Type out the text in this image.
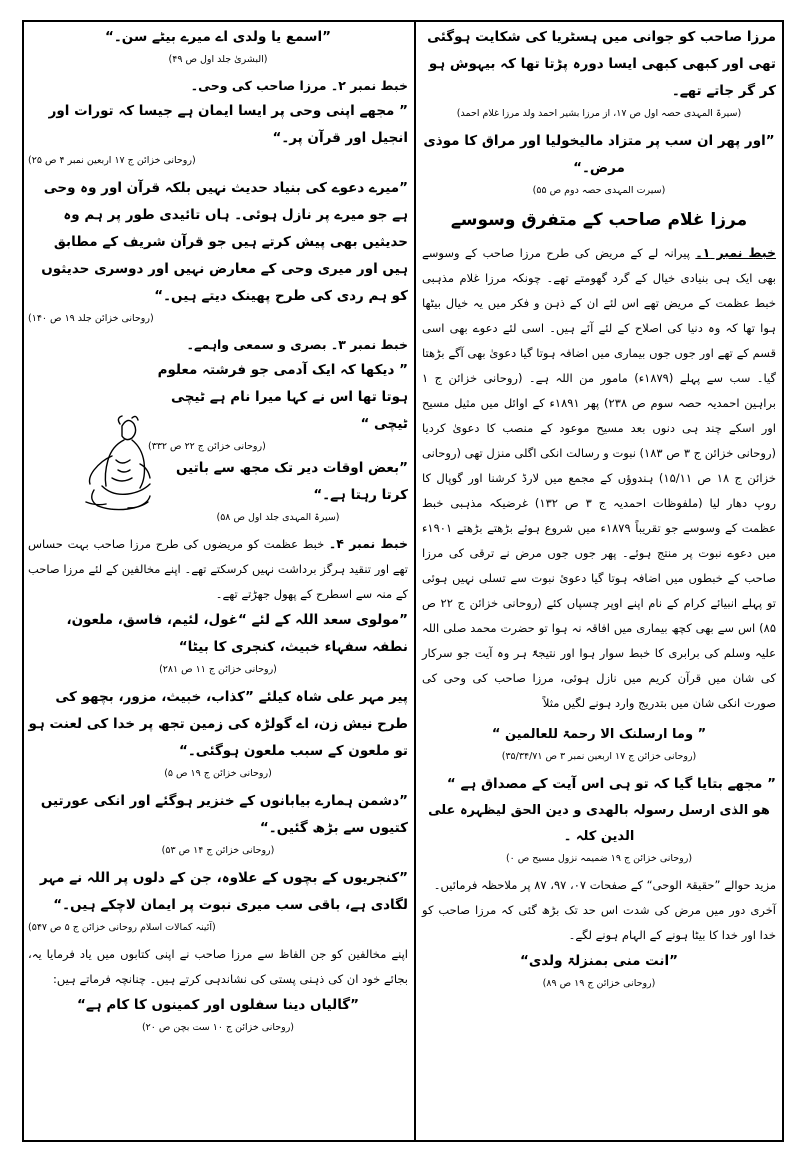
مرزا صاحب کو جوانی میں ہسٹریا کی شکایت ہوگئی تھی اور کبھی کبھی ایسا دورہ پڑتا تھا کہ بیہوش ہو کر گر جاتے تھے۔

(سیرۃ المہدی حصہ اول ص ۱۷، از مرزا بشیر احمد ولد مرزا غلام احمد)

”اور پھر ان سب پر متزاد مالیخولیا اور مراق کا موذی مرض۔“

(سیرت المہدی حصہ دوم ص ۵۵)

مرزا غلام صاحب کے متفرق وسوسے

خبط نمبر ۱۔ پیرانہ لے کے مریض کی طرح مرزا صاحب کے وسوسے بھی ایک ہی بنیادی خیال کے گرد گھومتے تھے۔ چونکہ مرزا غلام مذہبی خبط عظمت کے مریض تھے اس لئے ان کے ذہن و فکر میں یہ خیال بیٹھا ہوا تھا کہ وہ دنیا کی اصلاح کے لئے آئے ہیں۔ اسی لئے دعوے بھی اسی قسم کے تھے اور جوں جوں بیماری میں اضافہ ہوتا گیا دعویٰ بھی آگے بڑھتا گیا۔ سب سے پہلے (۱۸۷۹ء) مامور من اللہ ہے۔ (روحانی خزائن ج ۱ براہین احمدیہ حصہ سوم ص ۲۳۸) پھر ۱۸۹۱ء کے اوائل میں مثیل مسیح اور اسکے چند ہی دنوں بعد مسیح موعود کے منصب کا دعویٰ کردیا (روحانی خزائن ج ۳ ص ۱۸۳) نبوت و رسالت انکی اگلی منزل تھی (روحانی خزائن ج ۱۸ ص ۱۵/۱۱) ہندوؤں کے مجمع میں لارڈ کرشنا اور گوپال کا روپ دھار لیا (ملفوظات احمدیہ ج ۳ ص ۱۳۲) غرضیکہ مذہبی خبط عظمت کے وسوسے جو تقریباً ۱۸۷۹ء میں شروع ہوئے بڑھتے بڑھتے ۱۹۰۱ء میں دعوے نبوت پر منتج ہوئے۔ پھر جوں جوں مرض نے ترقی کی مرزا صاحب کے خبطوں میں اضافہ ہوتا گیا دعوئ نبوت سے تسلی نہیں ہوئی تو پہلے انبیائے کرام کے نام اپنے اوپر چسپاں کئے (روحانی خزائن ج ۲۲ ص ۸۵) اس سے بھی کچھ بیماری میں افاقہ نہ ہوا تو حضرت محمد صلی اللہ علیہ وسلم کی برابری کا خبط سوار ہوا اور نتیجۃً ہر وہ آیت جو سرکار کی شان میں قرآن کریم میں نازل ہوئی، مرزا صاحب کی وحی کی صورت انکی شان میں بتدریج وارد ہونے لگیں مثلاً

” وما ارسلنک الا رحمۃ للعالمین “

(روحانی خزائن ج ۱۷ اربعین نمبر ۳ ص ۳۵/۳۴/۷۱)

” مجھے بتایا گیا کہ تو ہی اس آیت کے مصداق ہے “

ھو الذی ارسل رسولہ بالھدی و دین الحق لیظہرہ علی الدین کلہ ۔

(روحانی خزائن ج ۱۹ ضمیمہ نزول مسیح ص ۰)

مزید حوالے ”حقیقۃ الوحی“ کے صفحات ۰۷، ۹۷، ۸۷ پر ملاحظہ فرمائیں۔

آخری دور میں مرض کی شدت اس حد تک بڑھ گئی کہ مرزا صاحب کو خدا اور خدا کا بیٹا ہونے کے الہام ہونے لگے۔

”انت منی بمنزلۃ ولدی“

(روحانی خزائن ج ۱۹ ص ۸۹)

”اسمع یا ولدی اے میرے بیٹے سن۔“

(البشریٰ جلد اول ص ۴۹)

خبط نمبر ۲۔ مرزا صاحب کی وحی۔

” مجھے اپنی وحی پر ایسا ایمان ہے جیسا کہ تورات اور انجیل اور قرآن پر۔“

(روحانی خزائن ج ۱۷ اربعین نمبر ۴ ص ۲۵)

”میرے دعوے کی بنیاد حدیث نہیں بلکہ قرآن اور وہ وحی ہے جو میرے پر نازل ہوئی۔ ہاں تائیدی طور پر ہم وہ حدیثیں بھی پیش کرتے ہیں جو قرآن شریف کے مطابق ہیں اور میری وحی کے معارض نہیں اور دوسری حدیثوں کو ہم ردی کی طرح پھینک دیتے ہیں۔“

(روحانی خزائن جلد ۱۹ ص ۱۴۰)

خبط نمبر ۳۔ بصری و سمعی واہمے۔

” دیکھا کہ ایک آدمی جو فرشتہ معلوم ہوتا تھا اس نے کہا میرا نام ہے ٹیچی ٹیچی “

(روحانی خزائن ج ۲۲ ص ۳۳۲)

”بعض اوقات دیر تک مجھ سے باتیں کرتا رہتا ہے۔“

(سیرۃ المہدی جلد اول ص ۵۸)

خبط نمبر ۴۔ خبط عظمت کو مریضوں کی طرح مرزا صاحب بہت حساس تھے اور تنقید ہرگز برداشت نہیں کرسکتے تھے۔ اپنے مخالفین کے لئے مرزا صاحب کے منہ سے اسطرح کے پھول جھڑتے تھے۔

”مولوی سعد اللہ کے لئے “غول، لئیم، فاسق، ملعون، نطفہ سفہاء خبیث، کنجری کا بیٹا“

(روحانی خزائن ج ۱۱ ص ۲۸۱)

پیر مہر علی شاہ کیلئے ”کذاب، خبیث، مزور، بچھو کی طرح نیش زن، اے گولڑہ کی زمین تجھ پر خدا کی لعنت ہو تو ملعون کے سبب ملعون ہوگئی۔“

(روحانی خزائن ج ۱۹ ص ۵)

”دشمن ہمارے بیابانوں کے خنزیر ہوگئے اور انکی عورتیں کتیوں سے بڑھ گئیں۔“

(روحانی خزائن ج ۱۴ ص ۵۳)

”کنجریوں کے بچوں کے علاوہ، جن کے دلوں پر اللہ نے مہر لگادی ہے، باقی سب میری نبوت پر ایمان لاچکے ہیں۔“

(آئینہ کمالات اسلام روحانی خزائن ج ۵ ص ۵۴۷)

اپنے مخالفین کو جن الفاظ سے مرزا صاحب نے اپنی کتابوں میں یاد فرمایا یہ، بجائے خود ان کی ذہنی پستی کی نشاندہی کرتے ہیں۔ چنانچہ فرماتے ہیں:

”گالیاں دینا سفلوں اور کمینوں کا کام ہے“

(روحانی خزائن ج ۱۰ ست بچن ص ۲۰)
